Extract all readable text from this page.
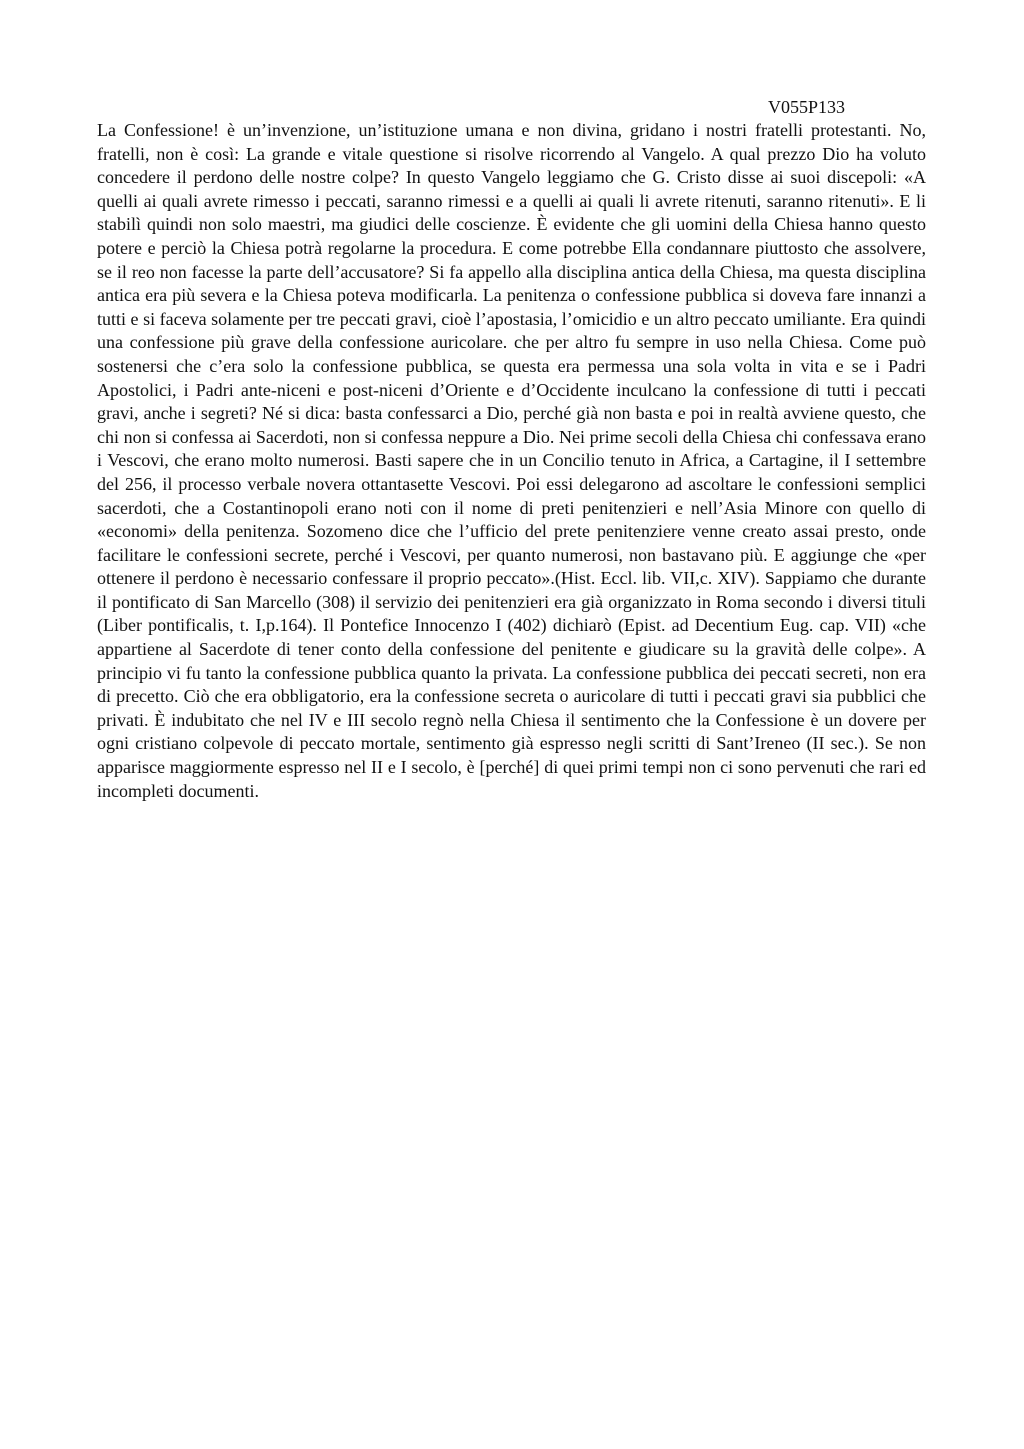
V055P133

La Confessione! è un’invenzione, un’istituzione umana e non divina, gridano i nostri fratelli protestanti. No, fratelli, non è così: La grande e vitale questione si risolve ricorrendo al Vangelo. A qual prezzo Dio ha voluto concedere il perdono delle nostre colpe? In questo Vangelo leggiamo che G. Cristo disse ai suoi discepoli: «A quelli ai quali avrete rimesso i peccati, saranno rimessi e a quelli ai quali li avrete ritenuti, saranno ritenuti». E li stabilì quindi non solo maestri, ma giudici delle coscienze. È evidente che gli uomini della Chiesa hanno questo potere e perciò la Chiesa potrà regolarne la procedura. E come potrebbe Ella condannare piuttosto che assolvere, se il reo non facesse la parte dell’accusatore? Si fa appello alla disciplina antica della Chiesa, ma questa disciplina antica era più severa e la Chiesa poteva modificarla. La penitenza o confessione pubblica si doveva fare innanzi a tutti e si faceva solamente per tre peccati gravi, cioè l’apostasia, l’omicidio e un altro peccato umiliante. Era quindi una confessione più grave della confessione auricolare. che per altro fu sempre in uso nella Chiesa. Come può sostenersi che c’era solo la confessione pubblica, se questa era permessa una sola volta in vita e se i Padri Apostolici, i Padri ante-niceni e post-niceni d’Oriente e d’Occidente inculcano la confessione di tutti i peccati gravi, anche i segreti? Né si dica: basta confessarci a Dio, perché già non basta e poi in realtà avviene questo, che chi non si confessa ai Sacerdoti, non si confessa neppure a Dio. Nei prime secoli della Chiesa chi confessava erano i Vescovi, che erano molto numerosi. Basti sapere che in un Concilio tenuto in Africa, a Cartagine, il I settembre del 256, il processo verbale novera ottantasette Vescovi. Poi essi delegarono ad ascoltare le confessioni semplici sacerdoti, che a Costantinopoli erano noti con il nome di preti penitenzieri e nell’Asia Minore con quello di «economi» della penitenza. Sozomeno dice che l’ufficio del prete penitenziere venne creato assai presto, onde facilitare le confessioni secrete, perché i Vescovi, per quanto numerosi, non bastavano più. E aggiunge che «per ottenere il perdono è necessario confessare il proprio peccato».(Hist. Eccl. lib. VII,c. XIV). Sappiamo che durante il pontificato di San Marcello (308) il servizio dei penitenzieri era già organizzato in Roma secondo i diversi tituli (Liber pontificalis, t. I,p.164). Il Pontefice Innocenzo I (402) dichiarò (Epist. ad Decentium Eug. cap. VII) «che appartiene al Sacerdote di tener conto della confessione del penitente e giudicare su la gravità delle colpe». A principio vi fu tanto la confessione pubblica quanto la privata. La confessione pubblica dei peccati secreti, non era di precetto. Ciò che era obbligatorio, era la confessione secreta o auricolare di tutti i peccati gravi sia pubblici che privati. È indubitato che nel IV e III secolo regnò nella Chiesa il sentimento che la Confessione è un dovere per ogni cristiano colpevole di peccato mortale, sentimento già espresso negli scritti di Sant’Ireneo (II sec.). Se non apparisce maggiormente espresso nel II e I secolo, è [perché] di quei primi tempi non ci sono pervenuti che rari ed incompleti documenti.
